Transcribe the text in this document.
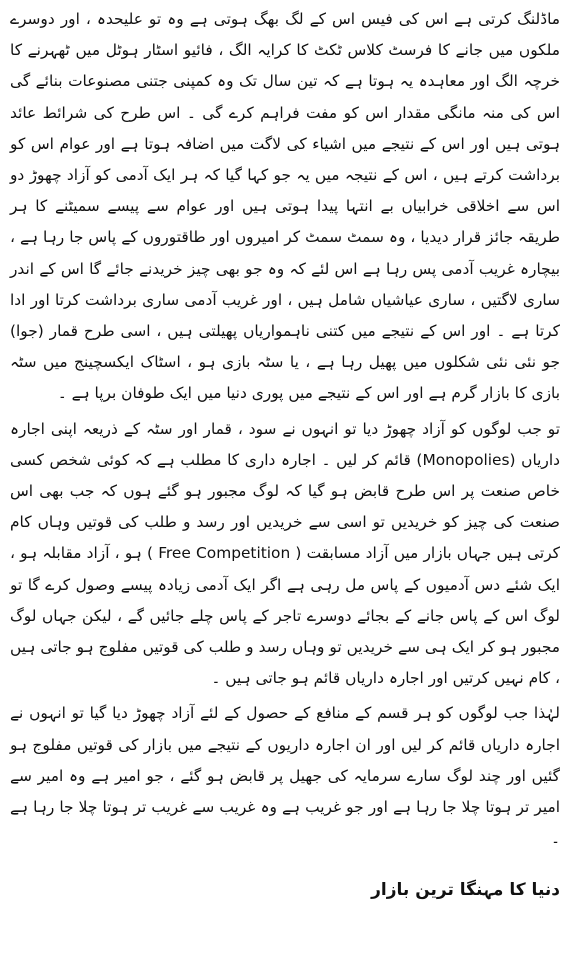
ماڈلنگ کرتی ہے اس کی فیس اس کے لگ بھگ ہوتی ہے وہ تو علیحدہ ، اور دوسرے ملکوں میں جانے کا فرسٹ کلاس ٹکٹ کا کرایہ الگ ، فائیو اسٹار ہوٹل میں ٹھہرنے کا خرچہ الگ اور معاہدہ یہ ہوتا ہے کہ تین سال تک وہ کمپنی جتنی مصنوعات بنائے گی اس کی منہ مانگی مقدار اس کو مفت فراہم کرے گی ۔ اس طرح کی شرائط عائد ہوتی ہیں اور اس کے نتیجے میں اشیاء کی لاگت میں اضافہ ہوتا ہے اور عوام اس کو برداشت کرتے ہیں ، اس کے نتیجہ میں یہ جو کہا گیا کہ ہر ایک آدمی کو آزاد چھوڑ دو اس سے اخلاقی خرابیاں بے انتہا پیدا ہوتی ہیں اور عوام سے پیسے سمیٹنے کا ہر طریقہ جائز قرار دیدیا ، وہ سمٹ سمٹ کر امیروں اور طاقتوروں کے پاس جا رہا ہے ، بیچارہ غریب آدمی پس رہا ہے اس لئے کہ وہ جو بھی چیز خریدنے جائے گا اس کے اندر ساری لاگتیں ، ساری عیاشیاں شامل ہیں ، اور غریب آدمی ساری برداشت کرتا اور ادا کرتا ہے ۔ اور اس کے نتیجے میں کتنی ناہمواریاں پھیلتی ہیں ، اسی طرح قمار (جوا) جو نئی نئی شکلوں میں پھیل رہا ہے ، یا سٹہ بازی ہو ، اسٹاک ایکسچینج میں سٹہ بازی کا بازار گرم ہے اور اس کے نتیجے میں پوری دنیا میں ایک طوفان برپا ہے ۔

تو جب لوگوں کو آزاد چھوڑ دیا تو انہوں نے سود ، قمار اور سٹہ کے ذریعہ اپنی اجارہ داریاں (Monopolies) قائم کر لیں ۔ اجارہ داری کا مطلب ہے کہ کوئی شخص کسی خاص صنعت پر اس طرح قابض ہو گیا کہ لوگ مجبور ہو گئے ہوں کہ جب بھی اس صنعت کی چیز کو خریدیں تو اسی سے خریدیں اور رسد و طلب کی قوتیں وہاں کام کرتی ہیں جہاں بازار میں آزاد مسابقت ( Free Competition ) ہو ، آزاد مقابلہ ہو ، ایک شئے دس آدمیوں کے پاس مل رہی ہے اگر ایک آدمی زیادہ پیسے وصول کرے گا تو لوگ اس کے پاس جانے کے بجائے دوسرے تاجر کے پاس چلے جائیں گے ، لیکن جہاں لوگ مجبور ہو کر ایک ہی سے خریدیں تو وہاں رسد و طلب کی قوتیں مفلوج ہو جاتی ہیں ، کام نہیں کرتیں اور اجارہ داریاں قائم ہو جاتی ہیں ۔

لہٰذا جب لوگوں کو ہر قسم کے منافع کے حصول کے لئے آزاد چھوڑ دیا گیا تو انہوں نے اجارہ داریاں قائم کر لیں اور ان اجارہ داریوں کے نتیجے میں بازار کی قوتیں مفلوج ہو گئیں اور چند لوگ سارے سرمایہ کی جھیل پر قابض ہو گئے ، جو امیر ہے وہ امیر سے امیر تر ہوتا چلا جا رہا ہے اور جو غریب ہے وہ غریب سے غریب تر ہوتا چلا جا رہا ہے ۔

دنیا کا مہنگا ترین بازار
